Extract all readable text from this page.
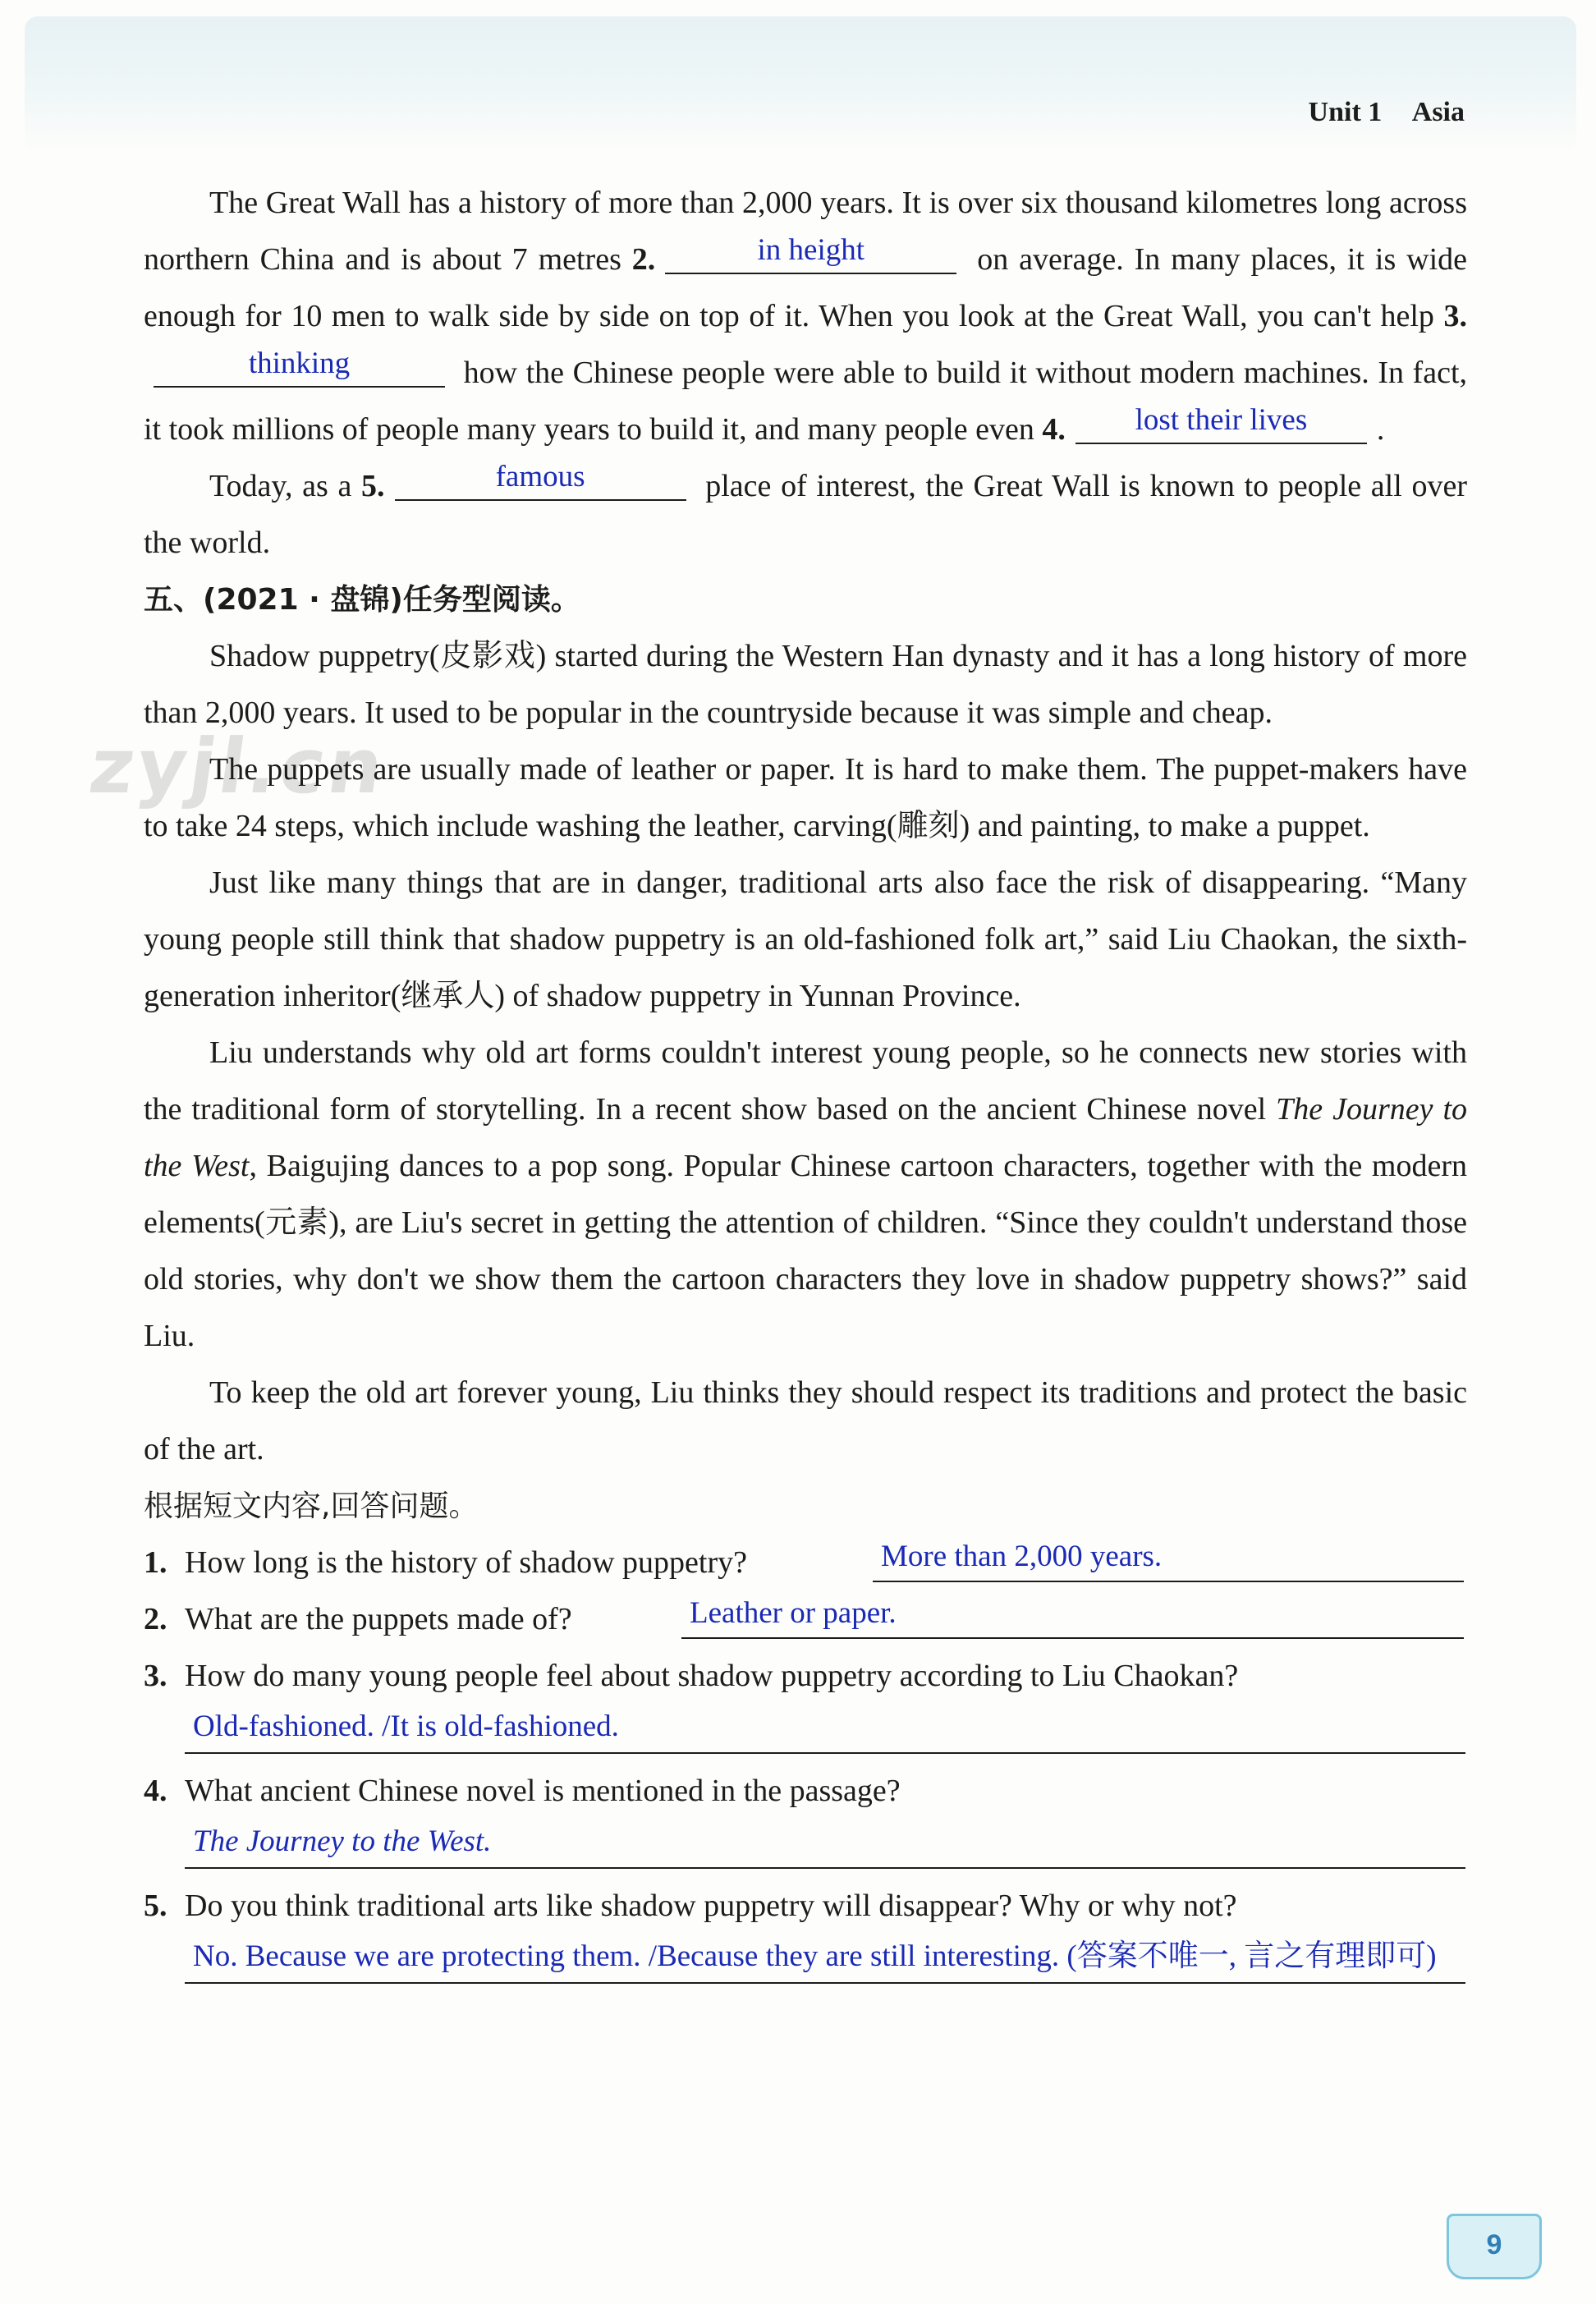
Unit 1 Asia
zyjl.cn

The Great Wall has a history of more than 2,000 years. It is over six thousand kilometres long across northern China and is about 7 metres 2.	in height	on average. In many places, it is wide enough for 10 men to walk side by side on top of it. When you look at the Great Wall, you can't help 3.
thinking	how the Chinese people were able to build it without modern machines. In fact, it took millions of people many years to build it, and many people even 4.	lost their lives	.

Today, as a 5.	famous	place of interest, the Great Wall is known to people all over the world.

五、(2021 · 盘锦)任务型阅读。

Shadow puppetry(皮影戏) started during the Western Han dynasty and it has a long history of more than 2,000 years. It used to be popular in the countryside because it was simple and cheap.

The puppets are usually made of leather or paper. It is hard to make them. The puppet-makers have to take 24 steps, which include washing the leather, carving(雕刻) and painting, to make a puppet.

Just like many things that are in danger, traditional arts also face the risk of disappearing. “Many young people still think that shadow puppetry is an old-fashioned folk art,” said Liu Chaokan, the sixth-generation inheritor(继承人) of shadow puppetry in Yunnan Province.

Liu understands why old art forms couldn't interest young people, so he connects new stories with the traditional form of storytelling. In a recent show based on the ancient Chinese novel The Journey to the West, Baigujing dances to a pop song. Popular Chinese cartoon characters, together with the modern elements(元素), are Liu's secret in getting the attention of children. “Since they couldn't understand those old stories, why don't we show them the cartoon characters they love in shadow puppetry shows?” said Liu.

To keep the old art forever young, Liu thinks they should respect its traditions and protect the basic of the art.

根据短文内容,回答问题。

1. How long is the history of shadow puppetry?	More than 2,000 years.
2. What are the puppets made of?	Leather or paper.
3. How do many young people feel about shadow puppetry according to Liu Chaokan?
Old-fashioned. /It is old-fashioned.
4. What ancient Chinese novel is mentioned in the passage?
The Journey to the West.
5. Do you think traditional arts like shadow puppetry will disappear? Why or why not?
No. Because we are protecting them. /Because they are still interesting. (答案不唯一, 言之有理即可)
9
